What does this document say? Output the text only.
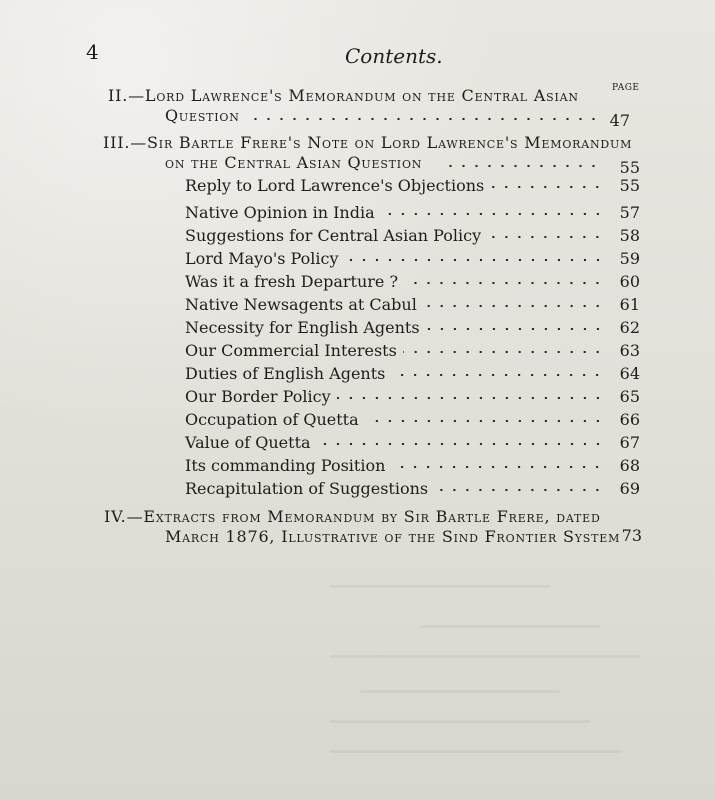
4	Contents.
PAGE
II.—Lord Lawrence's Memorandum on the Central Asian
Question	47
III.—Sir Bartle Frere's Note on Lord Lawrence's Memorandum
on the Central Asian Question	55
Reply to Lord Lawrence's Objections	55
Native Opinion in India	57
Suggestions for Central Asian Policy	58
Lord Mayo's Policy	59
Was it a fresh Departure ?	60
Native Newsagents at Cabul	61
Necessity for English Agents	62
Our Commercial Interests	63
Duties of English Agents	64
Our Border Policy	65
Occupation of Quetta	66
Value of Quetta	67
Its commanding Position	68
Recapitulation of Suggestions	69
IV.—Extracts from Memorandum by Sir Bartle Frere, dated
March 1876, Illustrative of the Sind Frontier System 73
